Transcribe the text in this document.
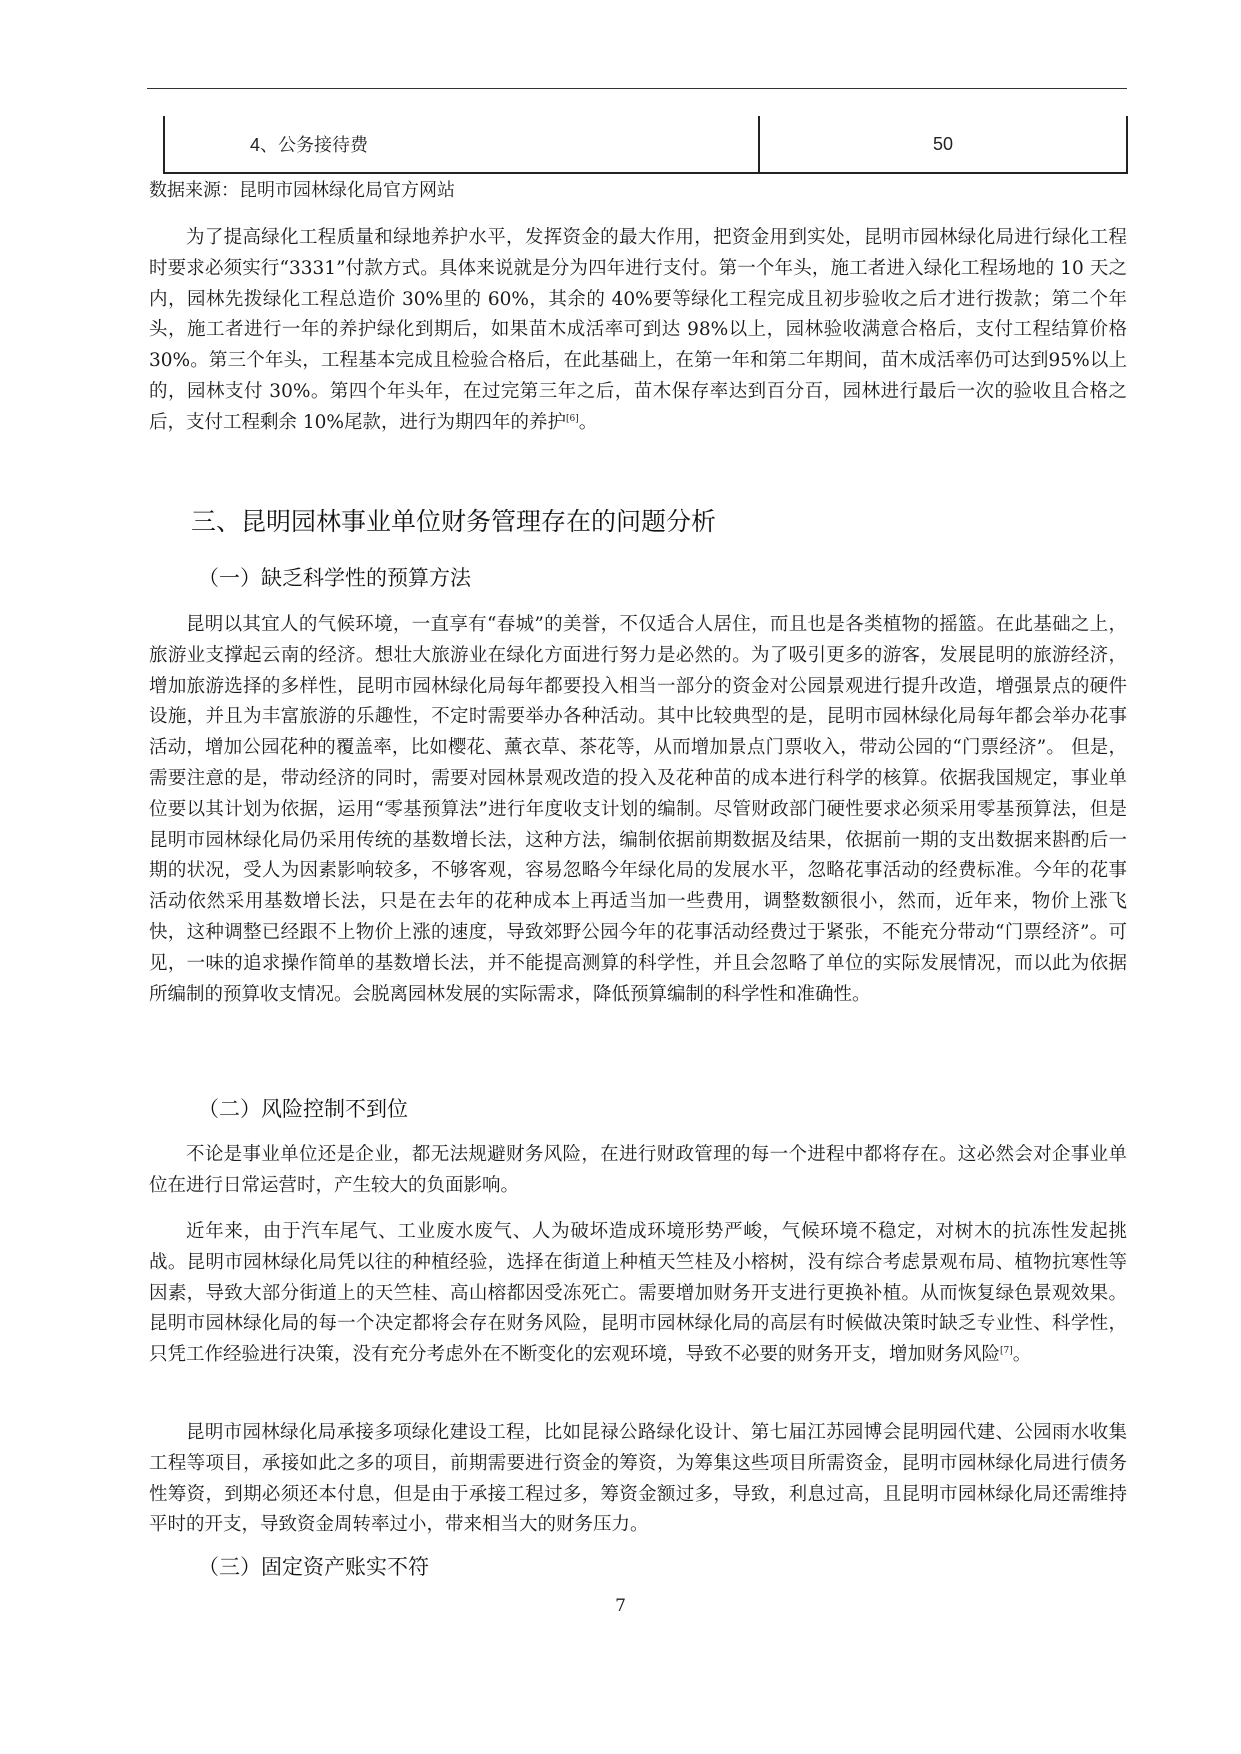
4、公务接待费	50
数据来源：昆明市园林绿化局官方网站

为了提高绿化工程质量和绿地养护水平，发挥资金的最大作用，把资金用到实处，昆明市园林绿化局进行绿化工程时要求必须实行“3331”付款方式。具体来说就是分为四年进行支付。第一个年头，施工者进入绿化工程场地的 10 天之内，园林先拨绿化工程总造价 30%里的 60%，其余的 40%要等绿化工程完成且初步验收之后才进行拨款；第二个年头，施工者进行一年的养护绿化到期后，如果苗木成活率可到达 98%以上，园林验收满意合格后，支付工程结算价格 30%。第三个年头，工程基本完成且检验合格后，在此基础上，在第一年和第二年期间，苗木成活率仍可达到95%以上的，园林支付 30%。第四个年头年，在过完第三年之后，苗木保存率达到百分百，园林进行最后一次的验收且合格之后，支付工程剩余 10%尾款，进行为期四年的养护[6]。

三、昆明园林事业单位财务管理存在的问题分析
（一）缺乏科学性的预算方法

昆明以其宜人的气候环境，一直享有“春城”的美誉，不仅适合人居住，而且也是各类植物的摇篮。在此基础之上，旅游业支撑起云南的经济。想壮大旅游业在绿化方面进行努力是必然的。为了吸引更多的游客，发展昆明的旅游经济，增加旅游选择的多样性，昆明市园林绿化局每年都要投入相当一部分的资金对公园景观进行提升改造，增强景点的硬件设施，并且为丰富旅游的乐趣性，不定时需要举办各种活动。其中比较典型的是，昆明市园林绿化局每年都会举办花事活动，增加公园花种的覆盖率，比如樱花、薰衣草、茶花等，从而增加景点门票收入，带动公园的“门票经济”。 但是，需要注意的是，带动经济的同时，需要对园林景观改造的投入及花种苗的成本进行科学的核算。依据我国规定，事业单位要以其计划为依据，运用“零基预算法”进行年度收支计划的编制。尽管财政部门硬性要求必须采用零基预算法，但是昆明市园林绿化局仍采用传统的基数增长法，这种方法，编制依据前期数据及结果，依据前一期的支出数据来斟酌后一期的状况，受人为因素影响较多，不够客观，容易忽略今年绿化局的发展水平，忽略花事活动的经费标准。今年的花事活动依然采用基数增长法，只是在去年的花种成本上再适当加一些费用，调整数额很小，然而，近年来，物价上涨飞快，这种调整已经跟不上物价上涨的速度，导致郊野公园今年的花事活动经费过于紧张，不能充分带动“门票经济”。可见，一味的追求操作简单的基数增长法，并不能提高测算的科学性，并且会忽略了单位的实际发展情况，而以此为依据所编制的预算收支情况。会脱离园林发展的实际需求，降低预算编制的科学性和准确性。

（二）风险控制不到位

不论是事业单位还是企业，都无法规避财务风险，在进行财政管理的每一个进程中都将存在。这必然会对企事业单位在进行日常运营时，产生较大的负面影响。

近年来，由于汽车尾气、工业废水废气、人为破坏造成环境形势严峻，气候环境不稳定，对树木的抗冻性发起挑战。昆明市园林绿化局凭以往的种植经验，选择在街道上种植天竺桂及小榕树，没有综合考虑景观布局、植物抗寒性等因素，导致大部分街道上的天竺桂、高山榕都因受冻死亡。需要增加财务开支进行更换补植。从而恢复绿色景观效果。昆明市园林绿化局的每一个决定都将会存在财务风险，昆明市园林绿化局的高层有时候做决策时缺乏专业性、科学性，只凭工作经验进行决策，没有充分考虑外在不断变化的宏观环境，导致不必要的财务开支，增加财务风险[7]。

昆明市园林绿化局承接多项绿化建设工程，比如昆禄公路绿化设计、第七届江苏园博会昆明园代建、公园雨水收集工程等项目，承接如此之多的项目，前期需要进行资金的筹资，为筹集这些项目所需资金，昆明市园林绿化局进行债务性筹资，到期必须还本付息，但是由于承接工程过多，筹资金额过多，导致，利息过高，且昆明市园林绿化局还需维持平时的开支，导致资金周转率过小，带来相当大的财务压力。

（三）固定资产账实不符
7
